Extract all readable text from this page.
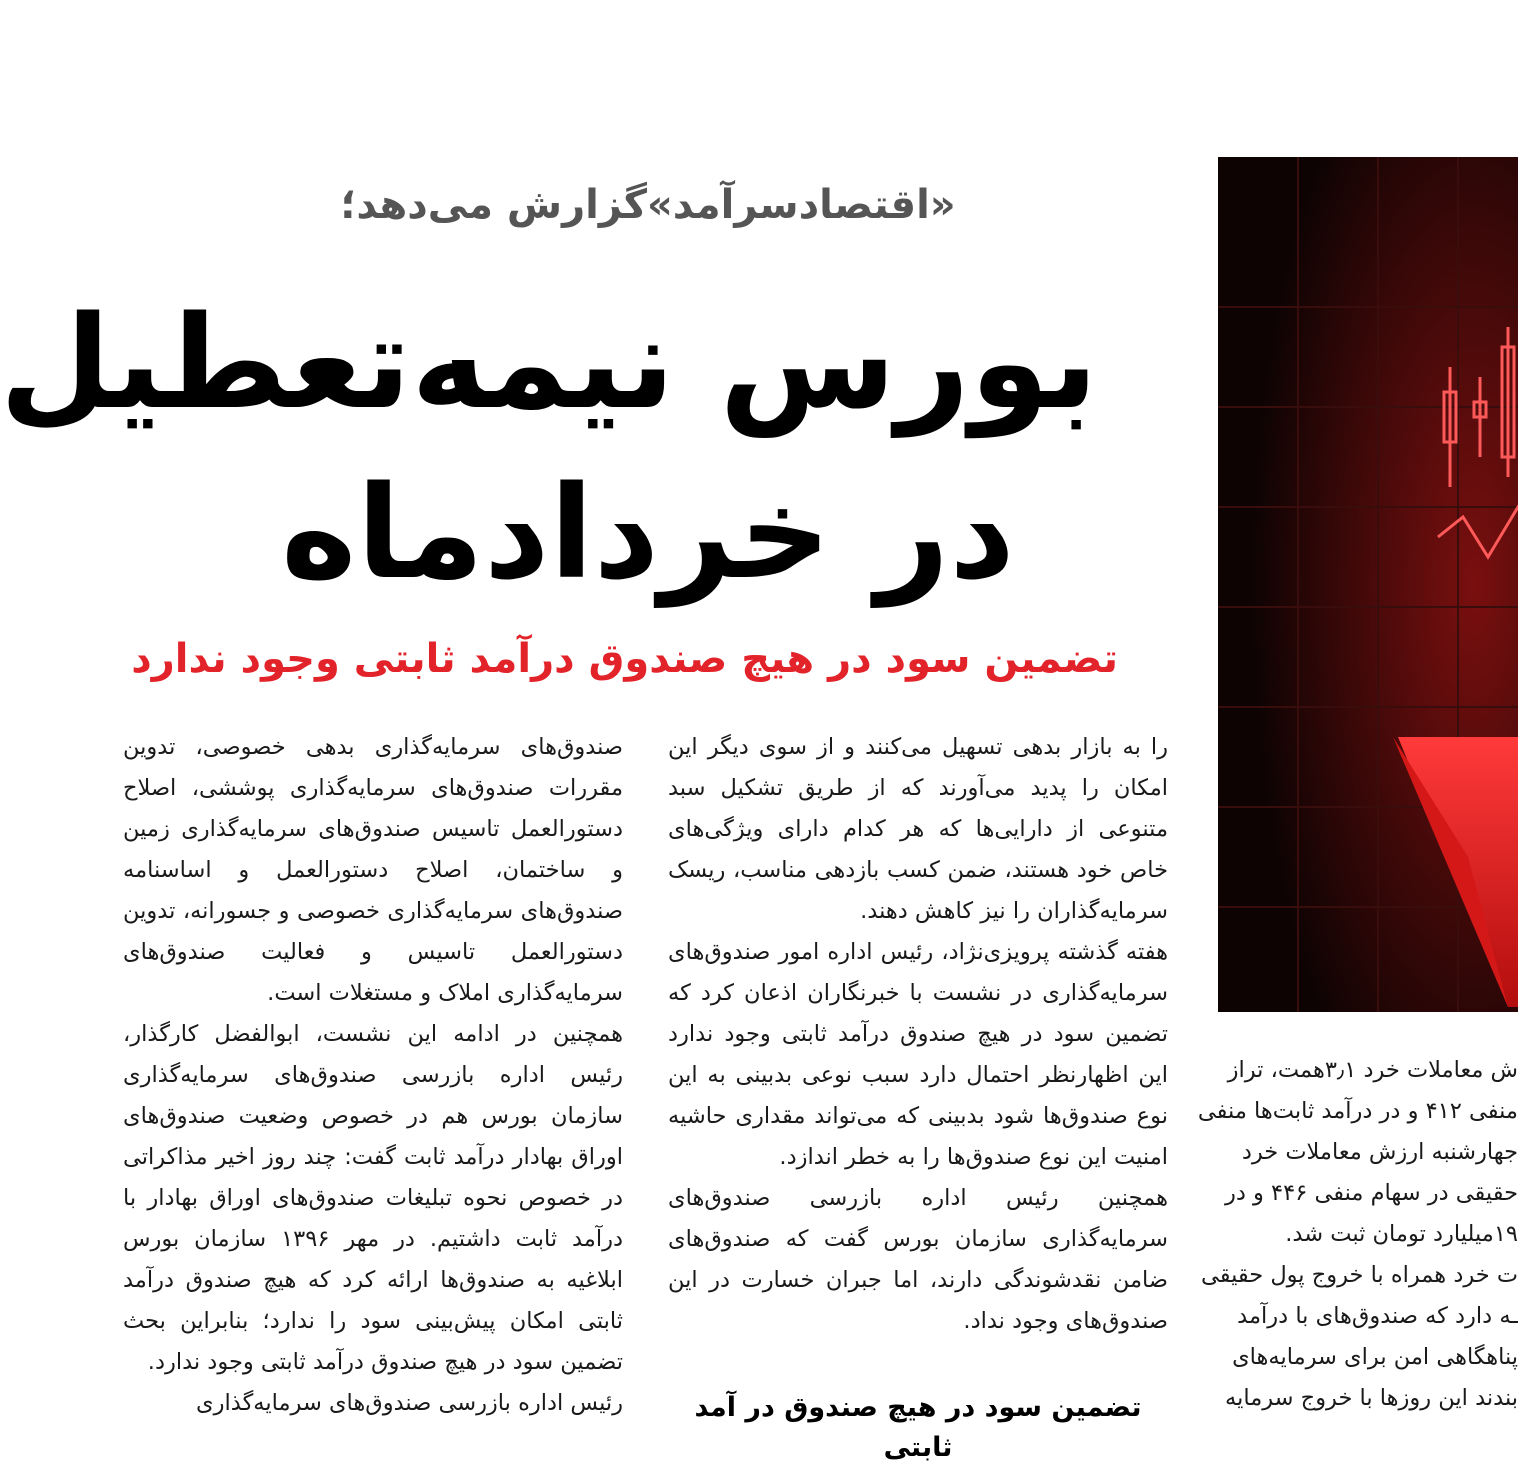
«اقتصادسرآمد»گزارش می‌دهد؛
بورس نیمه‌تعطیل
در خردادماه
تضمین سود در هیچ صندوق درآمد ثابتی وجود ندارد

را به بازار بدهی تسهیل می‌کنند و از سوی دیگر این امکان را پدید می‌آورند که از طریق تشکیل سبد متنوعی از دارایی‌ها که هر کدام دارای ویژگی‌های خاص خود هستند، ضمن کسب بازدهی مناسب، ریسک سرمایه‌گذاران را نیز کاهش دهند.

هفته گذشته پرویزی‌نژاد، رئیس اداره امور صندوق‌های سرمایه‌گذاری در نشست با خبرنگاران اذعان کرد که تضمین سود در هیچ صندوق درآمد ثابتی وجود ندارد این اظهارنظر احتمال دارد سبب نوعی بدبینی به این نوع صندوق‌ها شود بدبینی که می‌تواند مقداری حاشیه امنیت این نوع صندوق‌ها را به خطر اندازد.

همچنین رئیس اداره بازرسی صندوق‌های سرمایه‌گذاری سازمان بورس گفت که صندوق‌های ضامن نقدشوندگی دارند، اما جبران خسارت در این صندوق‌های وجود نداد.

تضمین سود در هیچ صندوق در آمد ثابتی

صندوق‌های سرمایه‌گذاری بدهی خصوصی، تدوین مقررات صندوق‌های سرمایه‌گذاری پوششی، اصلاح دستورالعمل تاسیس صندوق‌های سرمایه‌گذاری زمین و ساختمان، اصلاح دستورالعمل و اساسنامه صندوق‌های سرمایه‌گذاری خصوصی و جسورانه، تدوین دستورالعمل تاسیس و فعالیت صندوق‌های سرمایه‌گذاری املاک و مستغلات است.

همچنین در ادامه این نشست، ابوالفضل کارگذار، رئیس اداره بازرسی صندوق‌های سرمایه‌گذاری سازمان بورس هم در خصوص وضعیت صندوق‌های اوراق بهادار درآمد ثابت گفت: چند روز اخیر مذاکراتی در خصوص نحوه تبلیغات صندوق‌های اوراق بهادار با درآمد ثابت داشتیم. در مهر ۱۳۹۶ سازمان بورس ابلاغیه به صندوق‌ها ارائه کرد که هیچ صندوق درآمد ثابتی امکان پیش‌بینی سود را ندارد؛ بنابراین بحث تضمین سود در هیچ صندوق درآمد ثابتی وجود ندارد.

رئیس اداره بازرسی صندوق‌های سرمایه‌گذاری

ش معاملات خرد ۳٫۱همت، تراز
منفی ۴۱۲ و در درآمد ثابت‌ها منفی
جهارشنبه ارزش معاملات خرد
حقیقی در سهام منفی ۴۴۶ و در
۱۹میلیارد تومان ثبت شد.
ت خرد همراه با خروج پول حقیقی
ـه دارد که صندوق‌های با درآمد
پناهگاهی امن برای سرمایه‌های
بندند این روزها با خروج سرمایه
